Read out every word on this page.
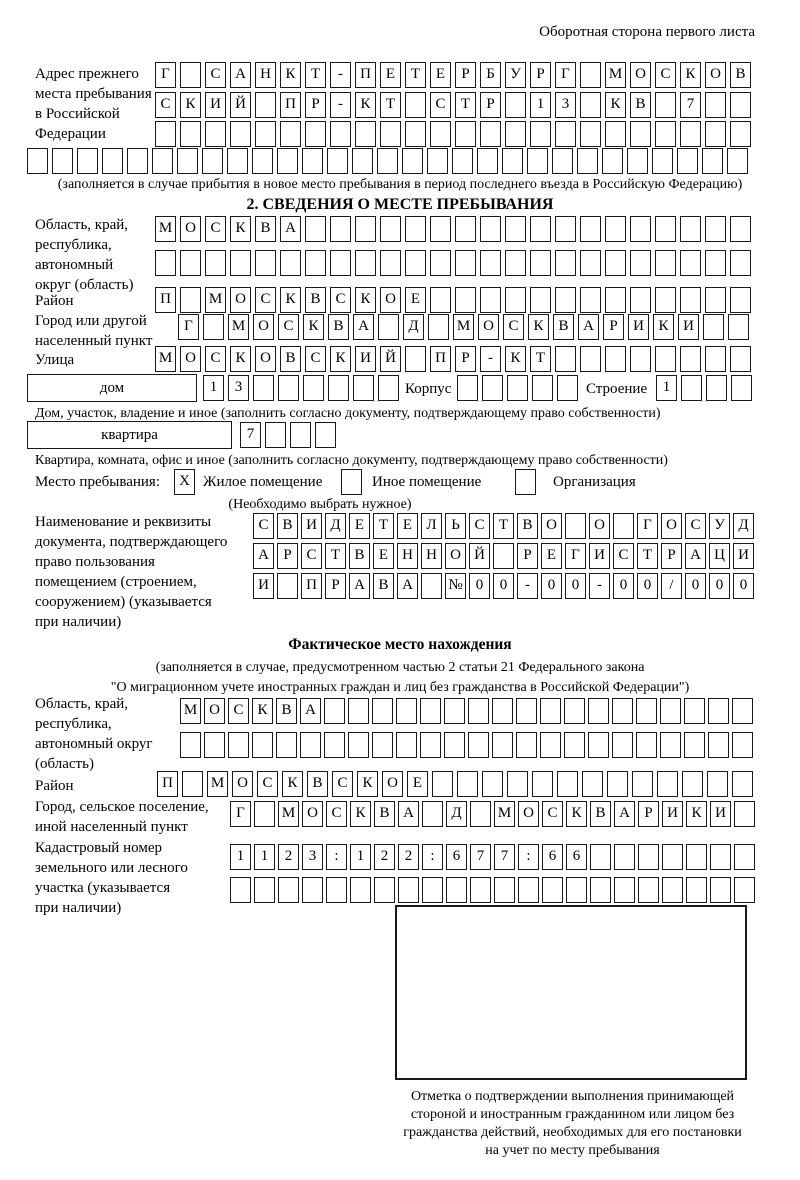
Оборотная сторона первого листа
Адрес прежнего
места пребывания
в Российской
Федерации
Г	С А Н К	Т	-	П Е	Т	Е	Р	Б	У	Р	Г	М О С К О В
С К И Й	П	Р	-	К	Т	С	Т	Р	1	3	К В	7
(заполняется в случае прибытия в новое место пребывания в период последнего въезда в Российскую Федерацию)
2. СВЕДЕНИЯ О МЕСТЕ ПРЕБЫВАНИЯ
Область, край,
республика,
автономный
округ (область)
М О С К В А
Район	П	М О С К В С К О Е
Город или другой
населенный пункт
Г	М О С К В А	Д	М О С К В А	Р	И К И
Улица	М О С К О В С К И Й	П	Р	-	К	Т
дом	1	3	Корпус	Строение	1
Дом, участок, владение и иное (заполнить согласно документу, подтверждающему право собственности)
квартира	7
Квартира, комната, офис и иное (заполнить согласно документу, подтверждающему право собственности)
Место пребывания:	X Жилое помещение	Иное помещение	Организация
(Необходимо выбрать нужное)
Наименование и реквизиты
документа, подтверждающего
право пользования
помещением (строением,
сооружением) (указывается
при наличии)
С В И Д Е Т Е Л Ь С Т В О	О	Г О С У Д
А Р С Т В Е Н Н О Й	Р	Е	Г И С Т	Р А Ц И
И	П Р А В А	№ 0	0	-	0	0	-	0	0	/	0	0	0
Фактическое место нахождения
(заполняется в случае, предусмотренном частью 2 статьи 21 Федерального закона
"О миграционном учете иностранных граждан и лиц без гражданства в Российской Федерации")
Область, край,
республика,
автономный округ
(область)
М О С К В А
Район	П	М О С К В С К О Е
Город, сельское поселение,
иной населенный пункт
Г	М О С К В А	Д	М О С К В А Р И К И
Кадастровый номер
земельного или лесного
участка (указывается
при наличии)
1	1	2	3	:	1	2	2	:	6	7	7	:	6	6
Отметка о подтверждении выполнения принимающей
стороной и иностранным гражданином или лицом без
гражданства действий, необходимых для его постановки
на учет по месту пребывания
